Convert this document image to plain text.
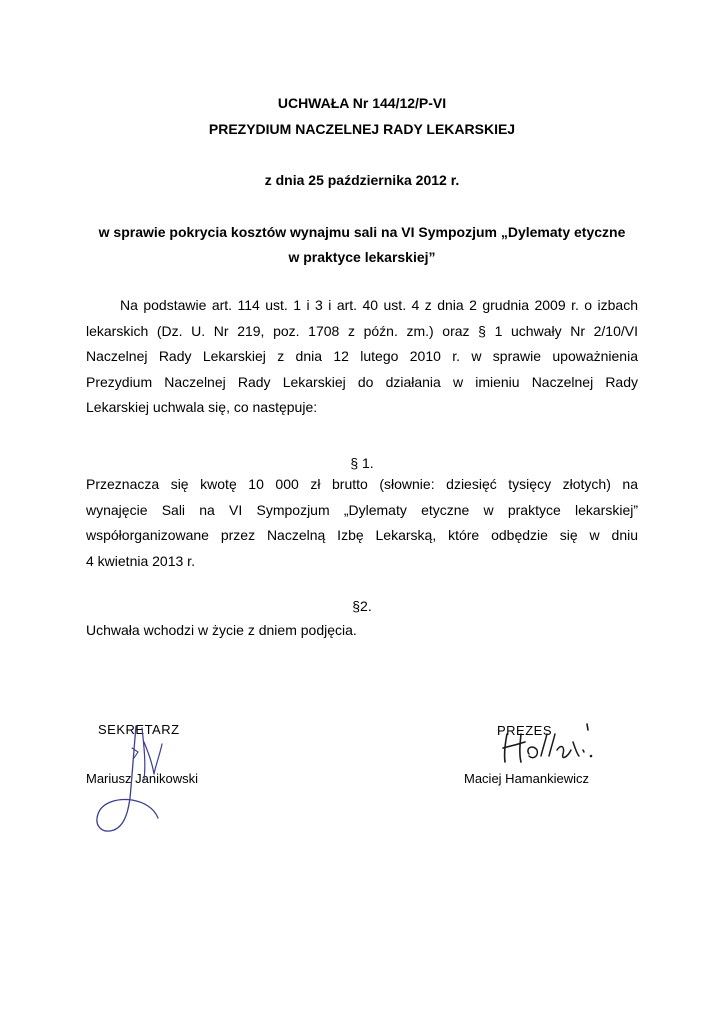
UCHWAŁA Nr 144/12/P-VI
PREZYDIUM NACZELNEJ RADY LEKARSKIEJ
z dnia 25 października 2012 r.
w sprawie pokrycia kosztów wynajmu sali na VI Sympozjum „Dylematy etyczne
w praktyce lekarskiej”
Na podstawie art. 114 ust. 1 i 3 i art. 40 ust. 4 z dnia 2 grudnia 2009 r. o izbach
lekarskich (Dz. U. Nr 219, poz. 1708 z późn. zm.) oraz § 1 uchwały Nr 2/10/VI
Naczelnej Rady Lekarskiej z dnia 12 lutego 2010 r. w sprawie upoważnienia
Prezydium Naczelnej Rady Lekarskiej do działania w imieniu Naczelnej Rady
Lekarskiej uchwala się, co następuje:
§ 1.
Przeznacza się kwotę 10 000 zł brutto (słownie: dziesięć tysięcy złotych) na
wynajęcie Sali na VI Sympozjum „Dylematy etyczne w praktyce lekarskiej”
współorganizowane przez Naczelną Izbę Lekarską, które odbędzie się w dniu
4 kwietnia 2013 r.
§2.
Uchwała wchodzi w życie z dniem podjęcia.
SEKRETARZ
Mariusz Janikowski
PREZES
Maciej Hamankiewicz
